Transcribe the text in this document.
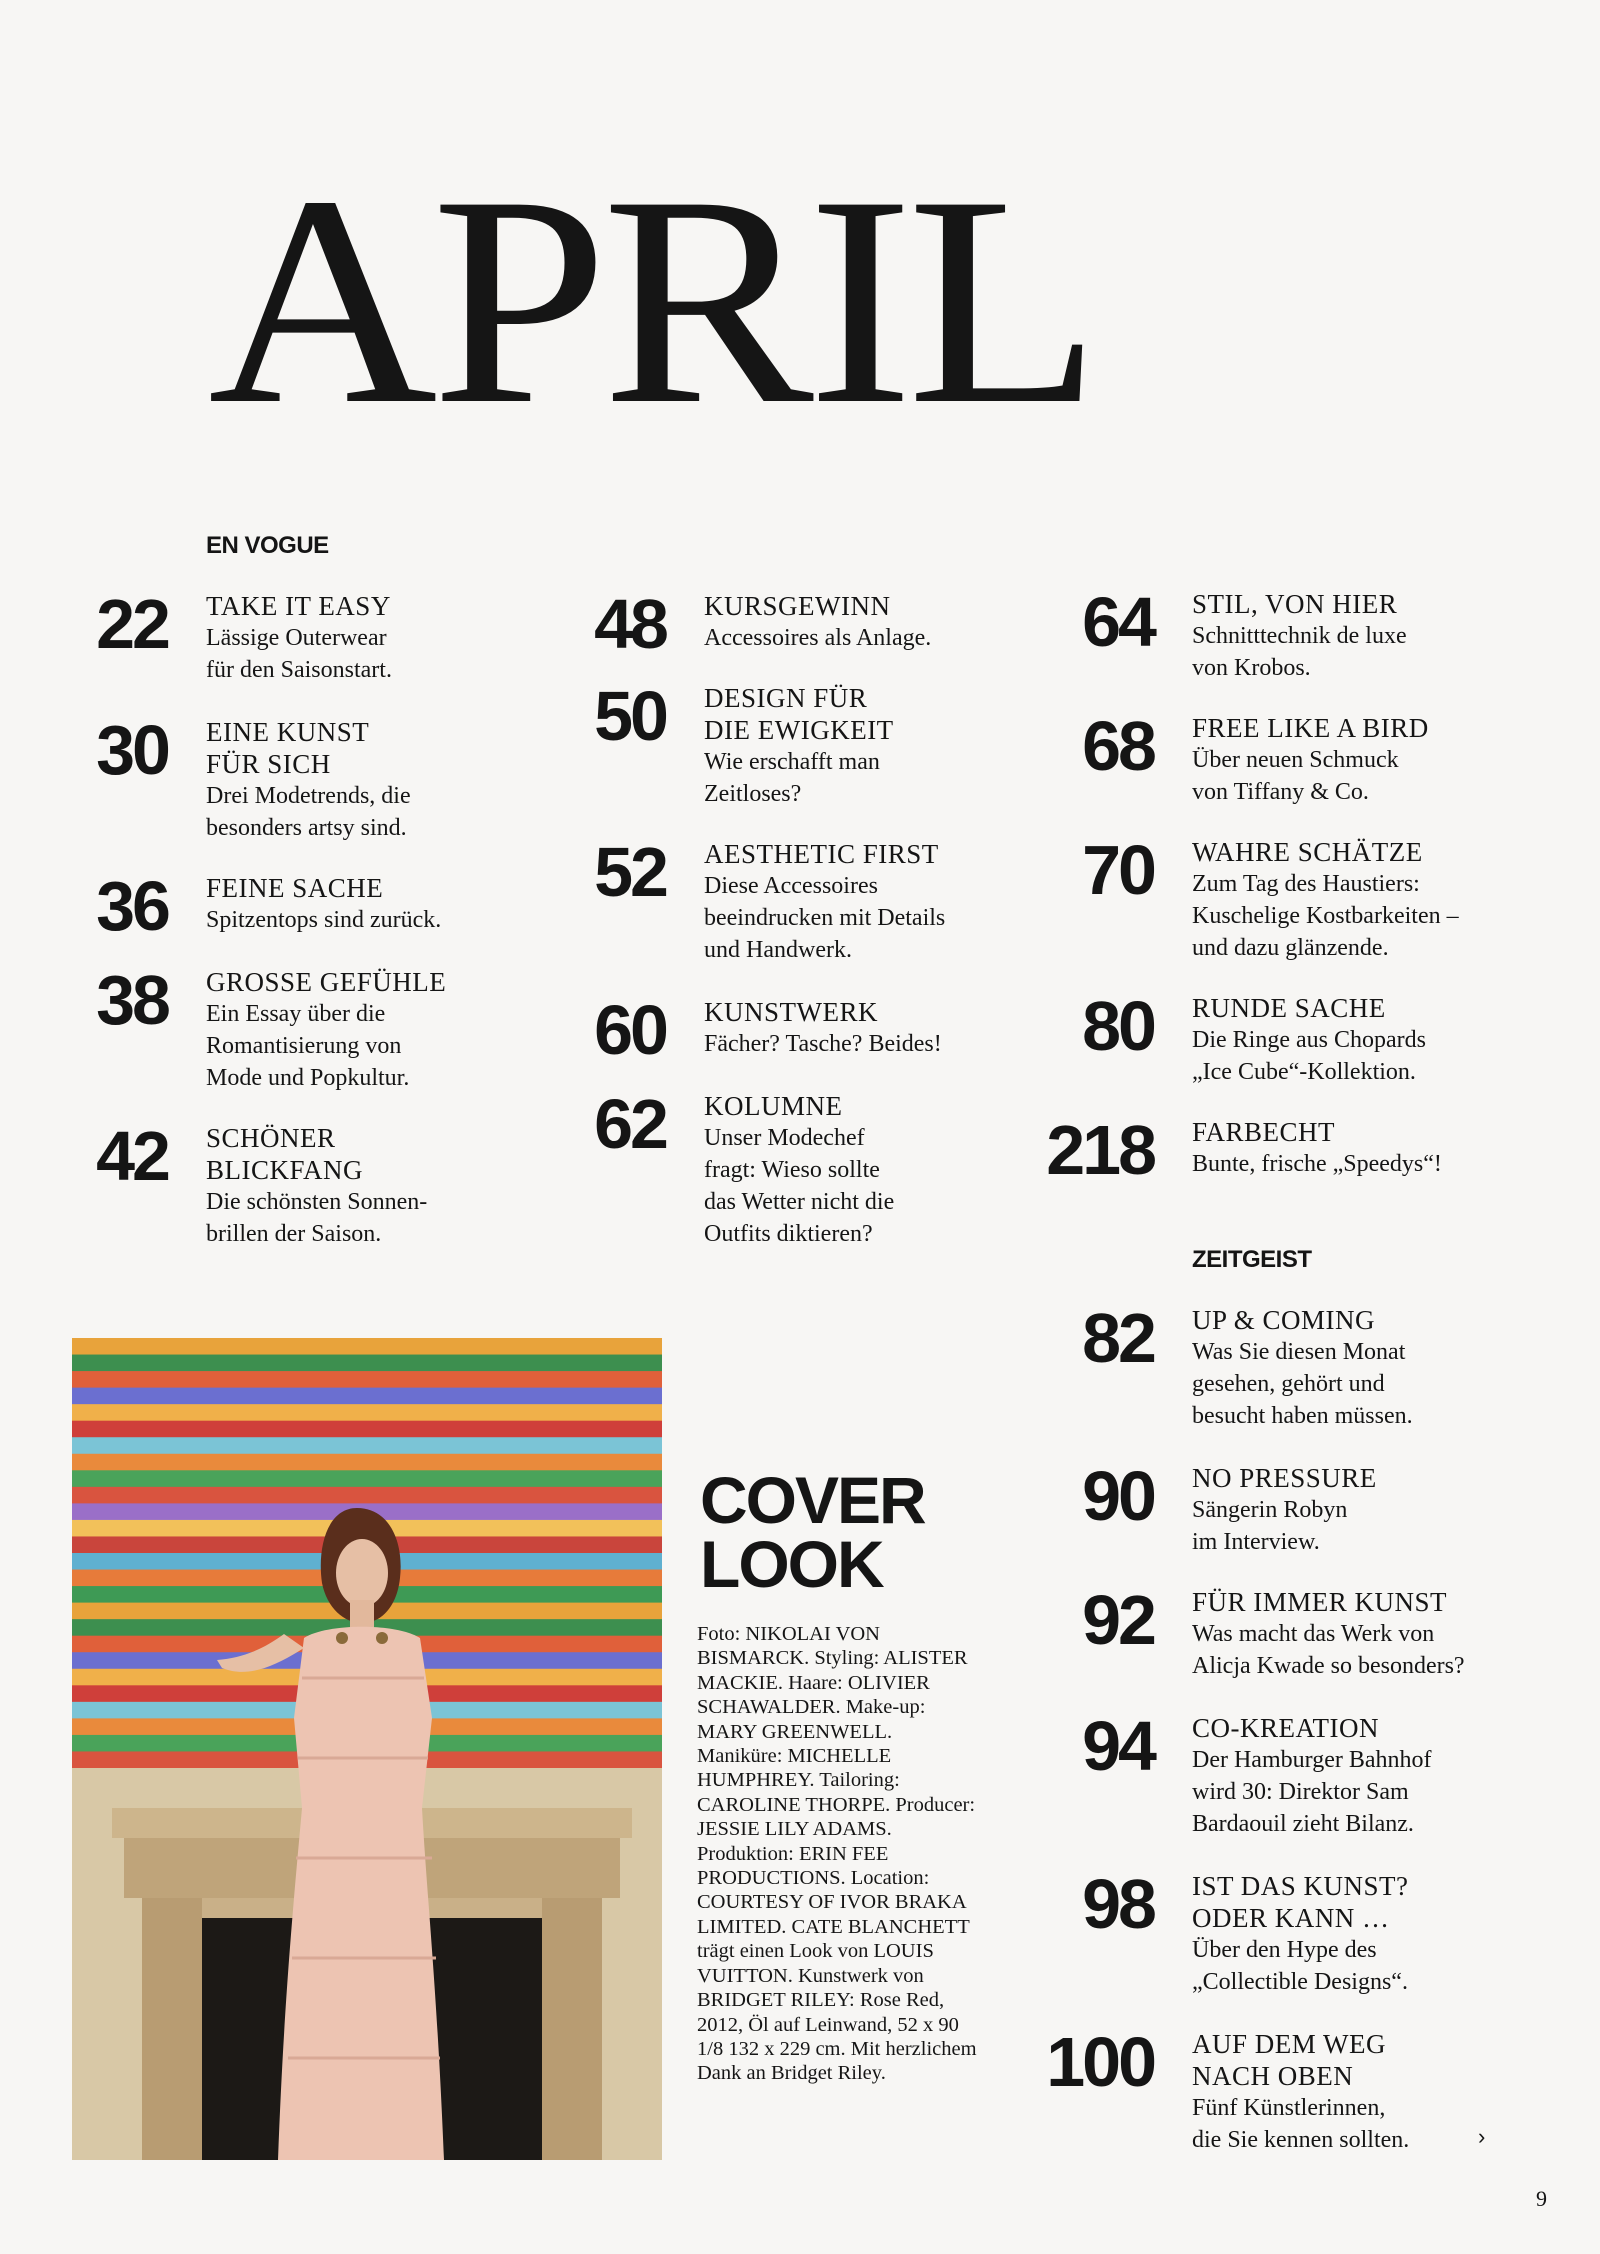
APRIL
EN VOGUE
ZEITGEIST
22 TAKE IT EASY
Lässige Outerwear
für den Saisonstart.
30 EINE KUNST
FÜR SICH
Drei Modetrends, die
besonders artsy sind.
36 FEINE SACHE
Spitzentops sind zurück.
38 GROSSE GEFÜHLE
Ein Essay über die
Romantisierung von
Mode und Popkultur.
42 SCHÖNER
BLICKFANG
Die schönsten Sonnen-
brillen der Saison.
48 KURSGEWINN
Accessoires als Anlage.
50 DESIGN FÜR
DIE EWIGKEIT
Wie erschafft man
Zeitloses?
52 AESTHETIC FIRST
Diese Accessoires
beeindrucken mit Details
und Handwerk.
60 KUNSTWERK
Fächer? Tasche? Beides!
62 KOLUMNE
Unser Modechef
fragt: Wieso sollte
das Wetter nicht die
Outfits diktieren?
64 STIL, VON HIER
Schnitttechnik de luxe
von Krobos.
68 FREE LIKE A BIRD
Über neuen Schmuck
von Tiffany & Co.
70 WAHRE SCHÄTZE
Zum Tag des Haustiers:
Kuschelige Kostbarkeiten –
und dazu glänzende.
80 RUNDE SACHE
Die Ringe aus Chopards
„Ice Cube“-Kollektion.
218 FARBECHT
Bunte, frische „Speedys“!
82 UP & COMING
Was Sie diesen Monat
gesehen, gehört und
besucht haben müssen.
90 NO PRESSURE
Sängerin Robyn
im Interview.
92 FÜR IMMER KUNST
Was macht das Werk von
Alicja Kwade so besonders?
94 CO-KREATION
Der Hamburger Bahnhof
wird 30: Direktor Sam
Bardaouil zieht Bilanz.
98 IST DAS KUNST?
ODER KANN …
Über den Hype des
„Collectible Designs“.
100 AUF DEM WEG
NACH OBEN
Fünf Künstlerinnen,
die Sie kennen sollten.
COVER
LOOK
Foto: NIKOLAI VON BISMARCK. Styling: ALISTER MACKIE. Haare: OLIVIER SCHAWALDER. Make-up: MARY GREENWELL. Maniküre: MICHELLE HUMPHREY. Tailoring: CAROLINE THORPE. Producer: JESSIE LILY ADAMS. Produktion: ERIN FEE PRODUCTIONS. Location: COURTESY OF IVOR BRAKA LIMITED. CATE BLANCHETT trägt einen Look von LOUIS VUITTON. Kunstwerk von BRIDGET RILEY: Rose Red, 2012, Öl auf Leinwand, 52 x 90 1/8 132 x 229 cm. Mit herzlichem Dank an Bridget Riley.
›
9
